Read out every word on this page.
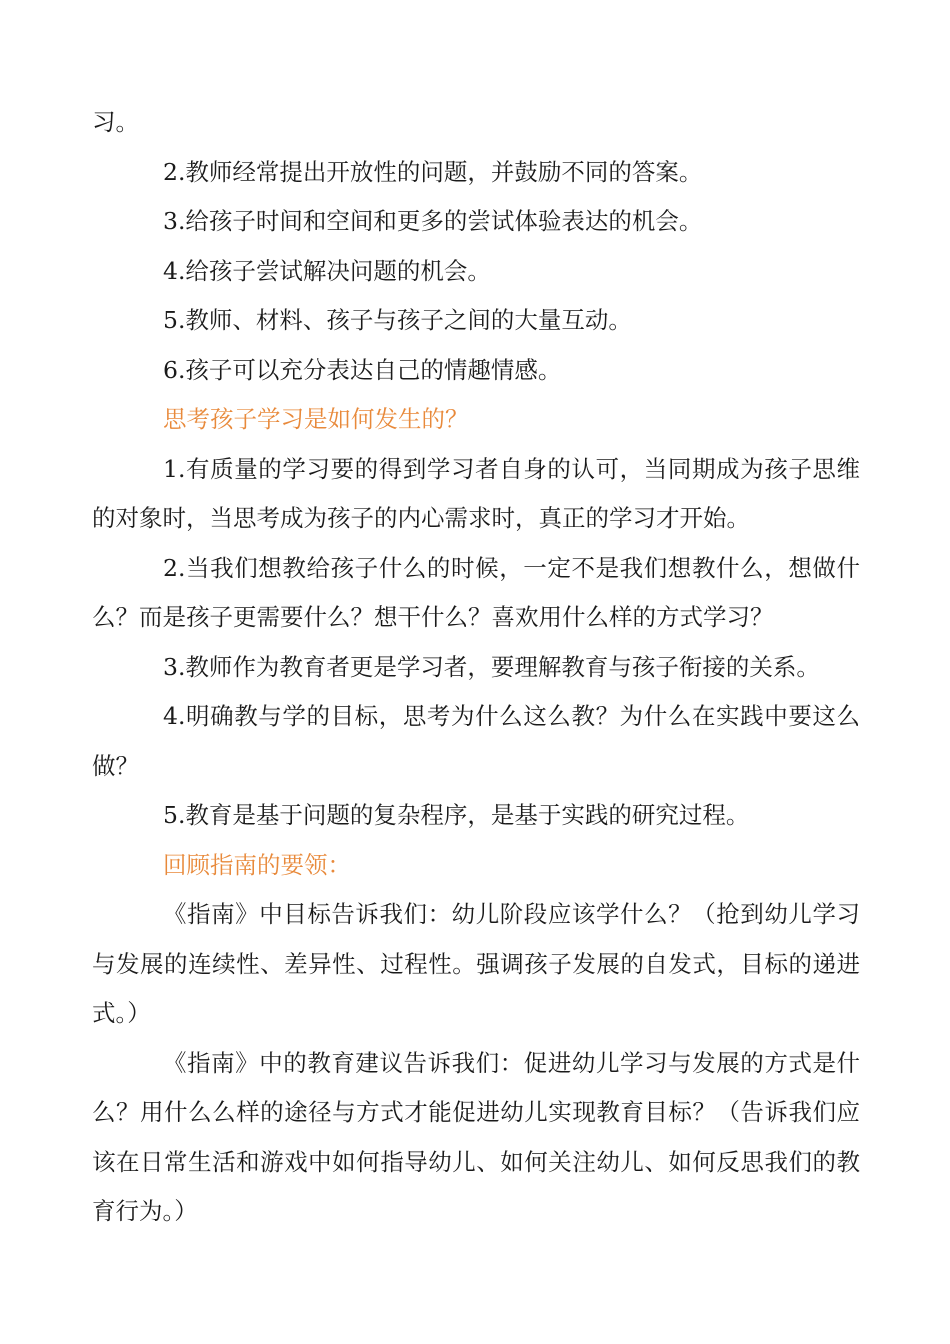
习。

2.教师经常提出开放性的问题，并鼓励不同的答案。

3.给孩子时间和空间和更多的尝试体验表达的机会。

4.给孩子尝试解决问题的机会。

5.教师、材料、孩子与孩子之间的大量互动。

6.孩子可以充分表达自己的情趣情感。

思考孩子学习是如何发生的？

1.有质量的学习要的得到学习者自身的认可，当同期成为孩子思维的对象时，当思考成为孩子的内心需求时，真正的学习才开始。

2.当我们想教给孩子什么的时候，一定不是我们想教什么，想做什么？而是孩子更需要什么？想干什么？喜欢用什么样的方式学习？

3.教师作为教育者更是学习者，要理解教育与孩子衔接的关系。

4.明确教与学的目标，思考为什么这么教？为什么在实践中要这么做？

5.教育是基于问题的复杂程序，是基于实践的研究过程。

回顾指南的要领：

《指南》中目标告诉我们：幼儿阶段应该学什么？（抢到幼儿学习与发展的连续性、差异性、过程性。强调孩子发展的自发式，目标的递进式。）

《指南》中的教育建议告诉我们：促进幼儿学习与发展的方式是什么？用什么么样的途径与方式才能促进幼儿实现教育目标？（告诉我们应该在日常生活和游戏中如何指导幼儿、如何关注幼儿、如何反思我们的教育行为。）
